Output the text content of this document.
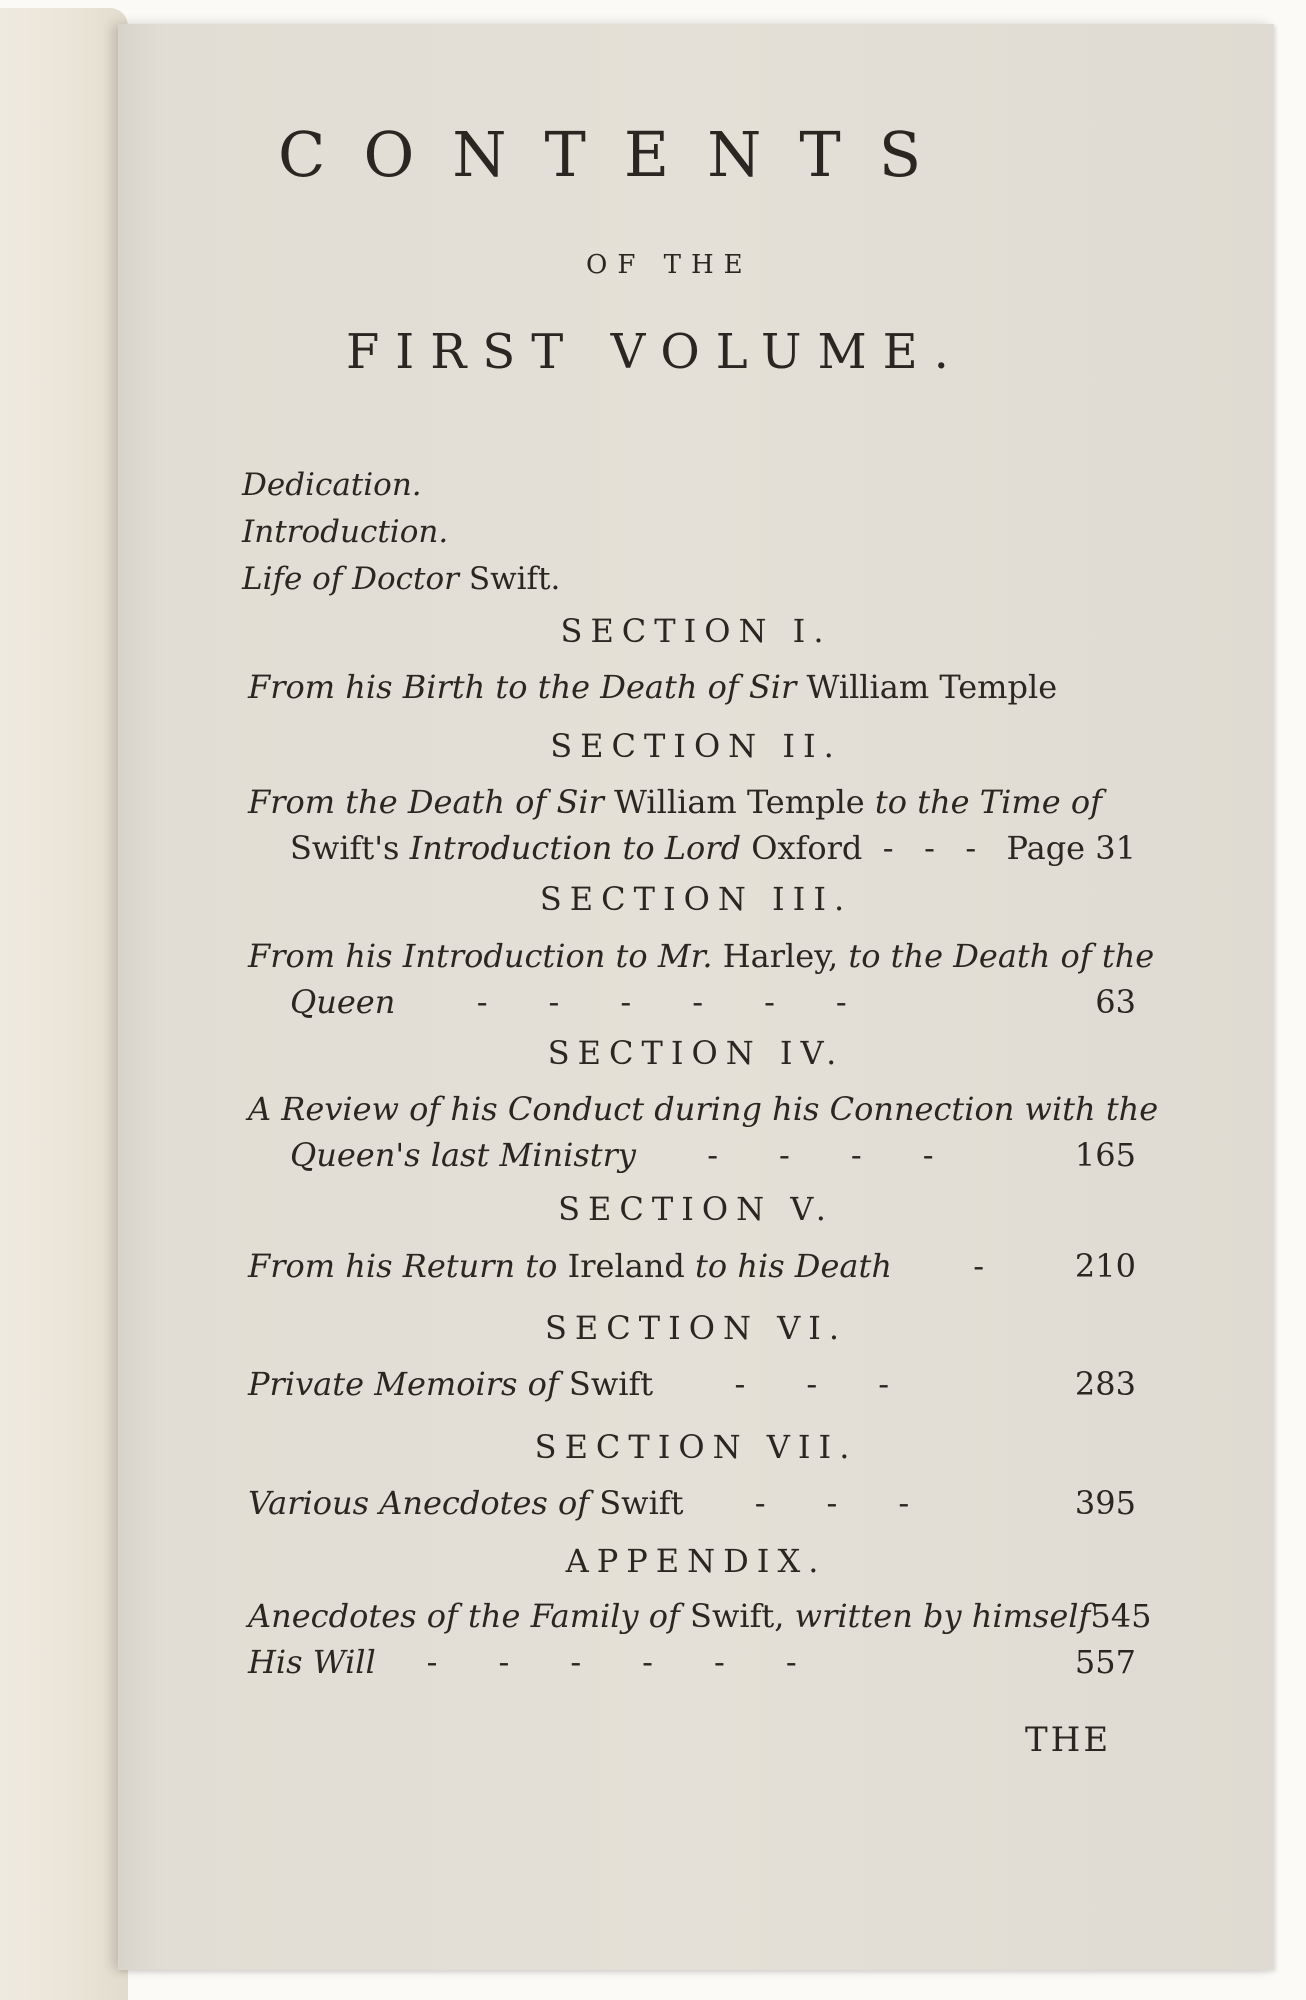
CONTENTS
OF THE
FIRST VOLUME.
Dedication.
Introduction.
Life of Doctor Swift.
SECTION I.
From his Birth to the Death of Sir William Temple
SECTION II.
From the Death of Sir William Temple to the Time of
Swift's Introduction to Lord Oxford -   -   - Page 31
SECTION III.
From his Introduction to Mr. Harley, to the Death of the
Queen -      -      -      -      -      -	63
SECTION IV.
A Review of his Conduct during his Connection with the
Queen's last Ministry -      -      -      -	165
SECTION V.
From his Return to Ireland to his Death -	210
SECTION VI.
Private Memoirs of Swift -      -      -	283
SECTION VII.
Various Anecdotes of Swift -      -      -	395
APPENDIX.
Anecdotes of the Family of Swift, written by himself 545
His Will -      -      -      -      -      -	557
THE
